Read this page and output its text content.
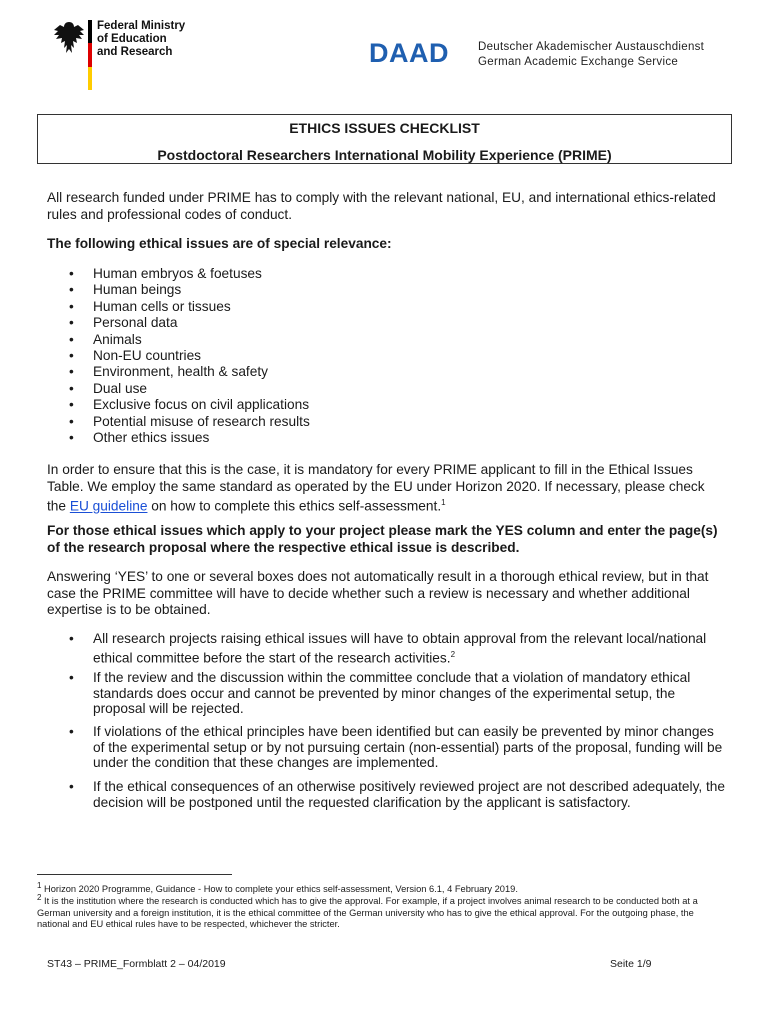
Federal Ministry
of Education
and Research	DAAD	Deutscher Akademischer Austauschdienst
German Academic Exchange Service
ETHICS ISSUES CHECKLIST
Postdoctoral Researchers International Mobility Experience (PRIME)
All research funded under PRIME has to comply with the relevant national, EU, and international ethics-related rules and professional codes of conduct.
The following ethical issues are of special relevance:
• Human embryos & foetuses
• Human beings
• Human cells or tissues
• Personal data
• Animals
• Non-EU countries
• Environment, health & safety
• Dual use
• Exclusive focus on civil applications
• Potential misuse of research results
• Other ethics issues
In order to ensure that this is the case, it is mandatory for every PRIME applicant to fill in the Ethical Issues Table. We employ the same standard as operated by the EU under Horizon 2020. If necessary, please check the EU guideline on how to complete this ethics self-assessment.$^1$
For those ethical issues which apply to your project please mark the YES column and enter the page(s) of the research proposal where the respective ethical issue is described.
Answering ‘YES’ to one or several boxes does not automatically result in a thorough ethical review, but in that case the PRIME committee will have to decide whether such a review is necessary and whether additional expertise is to be obtained.
• All research projects raising ethical issues will have to obtain approval from the relevant local/national ethical committee before the start of the research activities.$^2$
• If the review and the discussion within the committee conclude that a violation of mandatory ethical standards does occur and cannot be prevented by minor changes of the experimental setup, the proposal will be rejected.
• If violations of the ethical principles have been identified but can easily be prevented by minor changes of the experimental setup or by not pursuing certain (non-essential) parts of the proposal, funding will be under the condition that these changes are implemented.
• If the ethical consequences of an otherwise positively reviewed project are not described adequately, the decision will be postponed until the requested clarification by the applicant is satisfactory.
$^1$ Horizon 2020 Programme, Guidance - How to complete your ethics self-assessment, Version 6.1, 4 February 2019.
$^2$ It is the institution where the research is conducted which has to give the approval. For example, if a project involves animal research to be conducted both at a German university and a foreign institution, it is the ethical committee of the German university who has to give the ethical approval. For the outgoing phase, the national and EU ethical rules have to be respected, whichever the stricter.
ST43 – PRIME_Formblatt 2 – 04/2019	Seite 1/9
